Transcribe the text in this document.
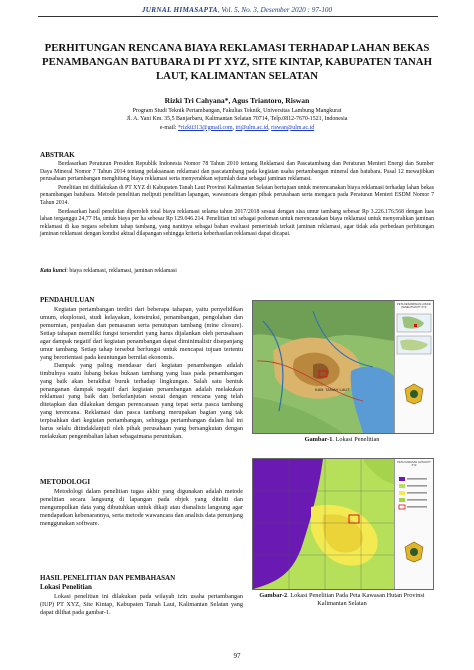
JURNAL HIMASAPTA, Vol. 5, No. 3, Desember 2020 : 97-100
PERHITUNGAN RENCANA BIAYA REKLAMASI TERHADAP LAHAN BEKAS PENAMBANGAN BATUBARA DI PT XYZ, SITE KINTAP, KABUPATEN TANAH LAUT, KALIMANTAN SELATAN
Rizki Tri Cahyana*, Agus Triantoro, Riswan
Program Studi Teknik Pertambangan, Fakultas Teknik, Universitas Lambung Mangkurat
Jl. A. Yani Km. 35,5 Banjarbaru, Kalimantan Selatan 70714, Telp.0812-7670-1521, Indonesia
e-mail: *rizkit313@gmail.com, tri@ulm.ac.id, riswan@ulm.ac.id
ABSTRAK

Berdasarkan Peraturan Presiden Republik Indonesia Nomor 78 Tahun 2010 tentang Reklamasi dan Pascatambang dan Peraturan Menteri Energi dan Sumber Daya Mineral Nomor 7 Tahun 2014 tentang pelaksanaan reklamasi dan pascatambang pada kegiatan usaha pertambangan mineral dan batubara. Pasal 12 mewajibkan perusahaan pertambangan menghitung biaya reklamasi serta menyerahkan sejumlah dana sebagai jaminan reklamasi.

Penelitian ini didilakukan di PT XYZ di Kabupaten Tanah Laut Provinsi Kalimantan Selatan bertujuan untuk merencanakan biaya reklamasi terhadap lahan bekas penambangan batubara. Metode penelitian meliputi penelitian lapangan, wawancara dengan pihak perusahaan serta mengacu pada Peraturan Menteri ESDM Nomor 7 Tahun 2014.

Berdasarkan hasil penelitian diperoleh total biaya reklamasi selama tahun 2017/2018 sesuai dengan sisa umur tambang sebesar Rp 3.226.176.568 dengan luas lahan terganggu 24,77 Ha, untuk biaya per ha sebesar Rp 129.046.214. Penelitian ini sebagai pedoman untuk merencanakan biaya reklamasi untuk menyerahkan jaminan reklamasi di kas negara sebelum tahap tambang, yang nantinya sebagai bahan evaluasi pemerintah terkait jaminan reklamasi, agar tidak ada perbedaan perhitungan jaminan reklamasi dengan kondisi aktual dilapangan sehingga kriteria keberhasilan reklamasi dapat dicapai.

Kata kunci: biaya reklamasi, reklamasi, jaminan reklamasi
PENDAHULUAN

Kegiatan pertambangan terdiri dari beberapa tahapan, yaitu penyelidikan umum, eksplorasi, studi kelayakan, konstruksi, penambangan, pengolahan dan pemurnian, penjualan dan pemasaran serta penutupan tambang (mine closure). Setiap tahapan memiliki fungsi tersendiri yang harus dijalankan oleh perusahaan agar dampak negatif dari kegiatan penambangan dapat diminimalisir disepanjang umur tambang. Setiap tahap tersebut berfungsi untuk mencapai tujuan tertentu yang berorientasi pada keuntungan bernilai ekonomis.

Dampak yang paling mendasar dari kegiatan penambangan adalah timbulnya suatu lubang bekas bukaan tambang yang luas pada penambangan yang baik akan berakibat buruk terhadap lingkungan. Salah satu bentuk penanganan dampak negatif dari kegiatan penambangan adalah melakukan reklamasi yang baik dan berkelanjutan sesuai dengan rencana yang telah ditetapkan dan dilakukan dengan perencanaan yang tepat serta pasca tambang yang terencana. Reklamasi dan pasca tambang merupakan bagian yang tak terpisahkan dari kegiatan pertambangan, sehingga pertambangan dalam hal ini harus selalu ditindaklanjuti oleh pihak perusahaan yang bersangkutan dengan melakukan pengembalian lahan sebagaimana peruntukan.

METODOLOGI

Metodologi dalam penelitian tugas akhir yang digunakan adalah metode penelitian secara langsung di lapangan pada objek yang diteliti dan mengumpulkan data yang dibutuhkan untuk dikaji atau dianalisis langsung agar mendapatkan kebenarannya, serta metode wawancara dan analisis data penunjang menggunakan software.

HASIL PENELITIAN DAN PEMBAHASAN
Lokasi Penelitian

Lokasi penelitian ini dilakukan pada wilayah izin usaha pertambangan (IUP) PT XYZ, Site Kintap, Kabupaten Tanah Laut, Kalimantan Selatan yang dapat dilihat pada gambar-1.

KAB. TANAH LAUT
PETA KESAMPAIAN LOKASI PENELITIAN PT XYZ
Gambar-1. Lokasi Penelitian
PETA KAWASAN HUTAN PT XYZ
Gambar-2. Lokasi Penelitian Pada Peta Kawasan Hutan Provinsi Kalimantan Selatan
97
